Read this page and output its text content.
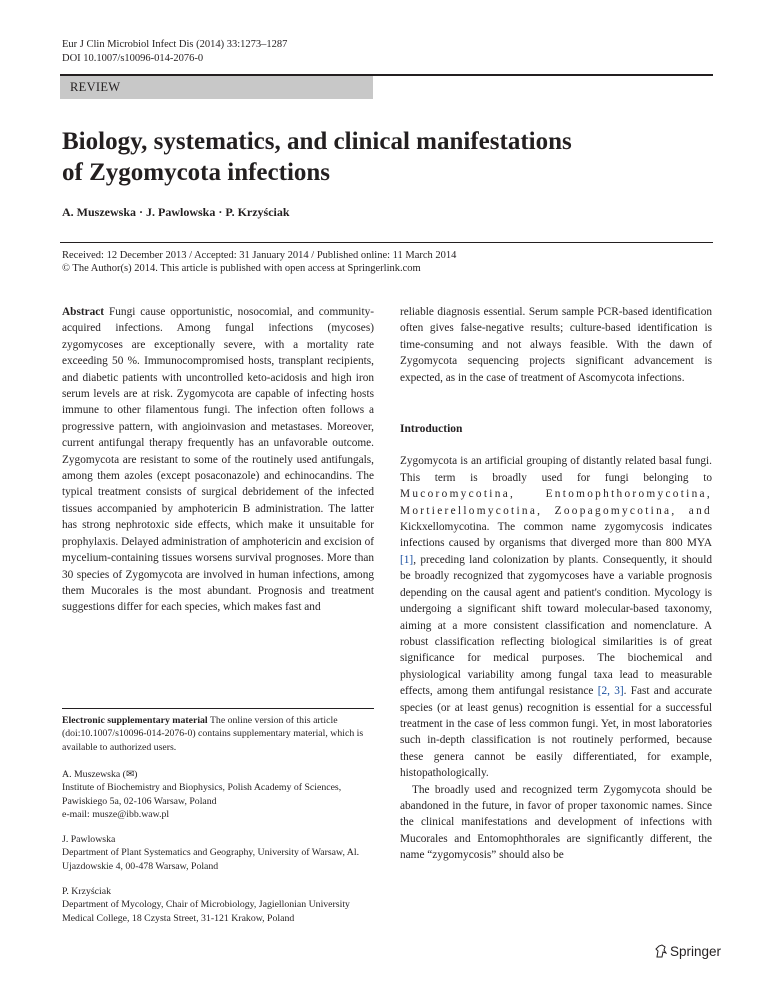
Eur J Clin Microbiol Infect Dis (2014) 33:1273–1287
DOI 10.1007/s10096-014-2076-0
REVIEW
Biology, systematics, and clinical manifestations
of Zygomycota infections
A. Muszewska · J. Pawlowska · P. Krzyściak
Received: 12 December 2013 / Accepted: 31 January 2014 / Published online: 11 March 2014
© The Author(s) 2014. This article is published with open access at Springerlink.com
Abstract Fungi cause opportunistic, nosocomial, and community-acquired infections. Among fungal infections (mycoses) zygomycoses are exceptionally severe, with a mortality rate exceeding 50 %. Immunocompromised hosts, transplant recipients, and diabetic patients with uncontrolled keto-acidosis and high iron serum levels are at risk. Zygomycota are capable of infecting hosts immune to other filamentous fungi. The infection often follows a progressive pattern, with angioinvasion and metastases. Moreover, current antifungal therapy frequently has an unfavorable outcome. Zygomycota are resistant to some of the routinely used antifungals, among them azoles (except posaconazole) and echinocandins. The typical treatment consists of surgical debridement of the infected tissues accompanied by amphotericin B administration. The latter has strong nephrotoxic side effects, which make it unsuitable for prophylaxis. Delayed administration of amphotericin and excision of mycelium-containing tissues worsens survival prognoses. More than 30 species of Zygomycota are involved in human infections, among them Mucorales is the most abundant. Prognosis and treatment suggestions differ for each species, which makes fast and
Electronic supplementary material The online version of this article (doi:10.1007/s10096-014-2076-0) contains supplementary material, which is available to authorized users.
A. Muszewska (✉)
Institute of Biochemistry and Biophysics, Polish Academy of Sciences, Pawiskiego 5a, 02-106 Warsaw, Poland
e-mail: musze@ibb.waw.pl
J. Pawlowska
Department of Plant Systematics and Geography, University of Warsaw, Al. Ujazdowskie 4, 00-478 Warsaw, Poland
P. Krzyściak
Department of Mycology, Chair of Microbiology, Jagiellonian University Medical College, 18 Czysta Street, 31-121 Krakow, Poland
reliable diagnosis essential. Serum sample PCR-based identification often gives false-negative results; culture-based identification is time-consuming and not always feasible. With the dawn of Zygomycota sequencing projects significant advancement is expected, as in the case of treatment of Ascomycota infections.
Introduction
Zygomycota is an artificial grouping of distantly related basal fungi. This term is broadly used for fungi belonging to Mucoromycotina, Entomophthoromycotina, Mortierellomycotina, Zoopagomycotina, and Kickxellomycotina. The common name zygomycosis indicates infections caused by organisms that diverged more than 800 MYA [1], preceding land colonization by plants. Consequently, it should be broadly recognized that zygomycoses have a variable prognosis depending on the causal agent and patient's condition. Mycology is undergoing a significant shift toward molecular-based taxonomy, aiming at a more consistent classification and nomenclature. A robust classification reflecting biological similarities is of great significance for medical purposes. The biochemical and physiological variability among fungal taxa lead to measurable effects, among them antifungal resistance [2, 3]. Fast and accurate species (or at least genus) recognition is essential for a successful treatment in the case of less common fungi. Yet, in most laboratories such in-depth classification is not routinely performed, because these genera cannot be easily differentiated, for example, histopathologically.
The broadly used and recognized term Zygomycota should be abandoned in the future, in favor of proper taxonomic names. Since the clinical manifestations and development of infections with Mucorales and Entomophthorales are significantly different, the name “zygomycosis” should also be
Springer
